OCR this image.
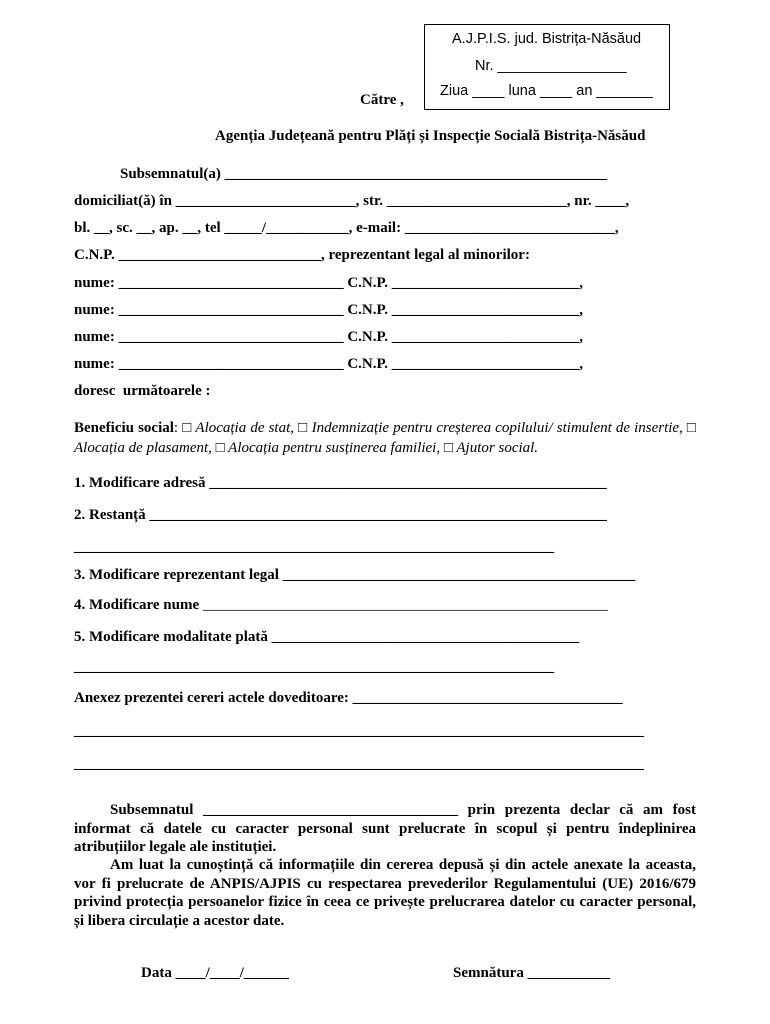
A.J.P.I.S. jud. Bistrița-Năsăud
Nr. ________________
Ziua ____ luna ____ an _______
Către ,
Agenția Județeană pentru Plăți și Inspecție Socială Bistrița-Năsăud
Subsemnatul(a) ___________________________________________________
domiciliat(ă) în ________________________, str. ________________________, nr. ____,
bl. __, sc. __, ap. __, tel _____/___________, e-mail: ____________________________,
C.N.P. ___________________________, reprezentant legal al minorilor:
nume: ______________________________ C.N.P. _________________________,
nume: ______________________________ C.N.P. _________________________,
nume: ______________________________ C.N.P. _________________________,
nume: ______________________________ C.N.P. _________________________,
doresc  următoarele :
Beneficiu social: □ Alocația de stat, □ Indemnizație pentru creșterea copilului/ stimulent de insertie, □ Alocația de plasament, □ Alocația pentru susținerea familiei, □ Ajutor social.
1. Modificare adresă _____________________________________________________
2. Restanță _____________________________________________________________
________________________________________________________________
3. Modificare reprezentant legal _______________________________________________
4. Modificare nume ______________________________________________________
5. Modificare modalitate plată _________________________________________
________________________________________________________________
Anexez prezentei cereri actele doveditoare: ____________________________________
____________________________________________________________________________
____________________________________________________________________________
Subsemnatul __________________________________ prin prezenta declar că am fost informat că datele cu caracter personal sunt prelucrate în scopul și pentru îndeplinirea atribuțiilor legale ale instituției.
Am luat la cunoștință că informațiile din cererea depusă și din actele anexate la aceasta, vor fi prelucrate de ANPIS/AJPIS cu respectarea prevederilor Regulamentului (UE) 2016/679 privind protecția persoanelor fizice în ceea ce privește prelucrarea datelor cu caracter personal, și libera circulație a acestor date.
Data ____/____/______	Semnătura ___________
